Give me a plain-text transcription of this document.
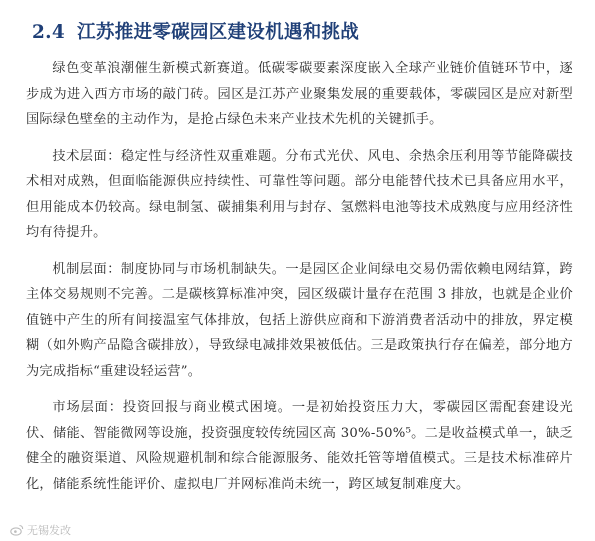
2.4 江苏推进零碳园区建设机遇和挑战

绿色变革浪潮催生新模式新赛道。低碳零碳要素深度嵌入全球产业链价值链环节中，逐步成为进入西方市场的敲门砖。园区是江苏产业聚集发展的重要载体，零碳园区是应对新型国际绿色壁垒的主动作为，是抢占绿色未来产业技术先机的关键抓手。

技术层面：稳定性与经济性双重难题。分布式光伏、风电、余热余压利用等节能降碳技术相对成熟，但面临能源供应持续性、可靠性等问题。部分电能替代技术已具备应用水平，但用能成本仍较高。绿电制氢、碳捕集利用与封存、氢燃料电池等技术成熟度与应用经济性均有待提升。

机制层面：制度协同与市场机制缺失。一是园区企业间绿电交易仍需依赖电网结算，跨主体交易规则不完善。二是碳核算标准冲突，园区级碳计量存在范围 3 排放，也就是企业价值链中产生的所有间接温室气体排放，包括上游供应商和下游消费者活动中的排放，界定模糊（如外购产品隐含碳排放），导致绿电减排效果被低估。三是政策执行存在偏差，部分地方为完成指标“重建设轻运营”。

市场层面：投资回报与商业模式困境。一是初始投资压力大，零碳园区需配套建设光伏、储能、智能微网等设施，投资强度较传统园区高 30%-50%⁵。二是收益模式单一，缺乏健全的融资渠道、风险规避机制和综合能源服务、能效托管等增值模式。三是技术标准碎片化，储能系统性能评价、虚拟电厂并网标准尚未统一，跨区域复制难度大。

无锡发改
